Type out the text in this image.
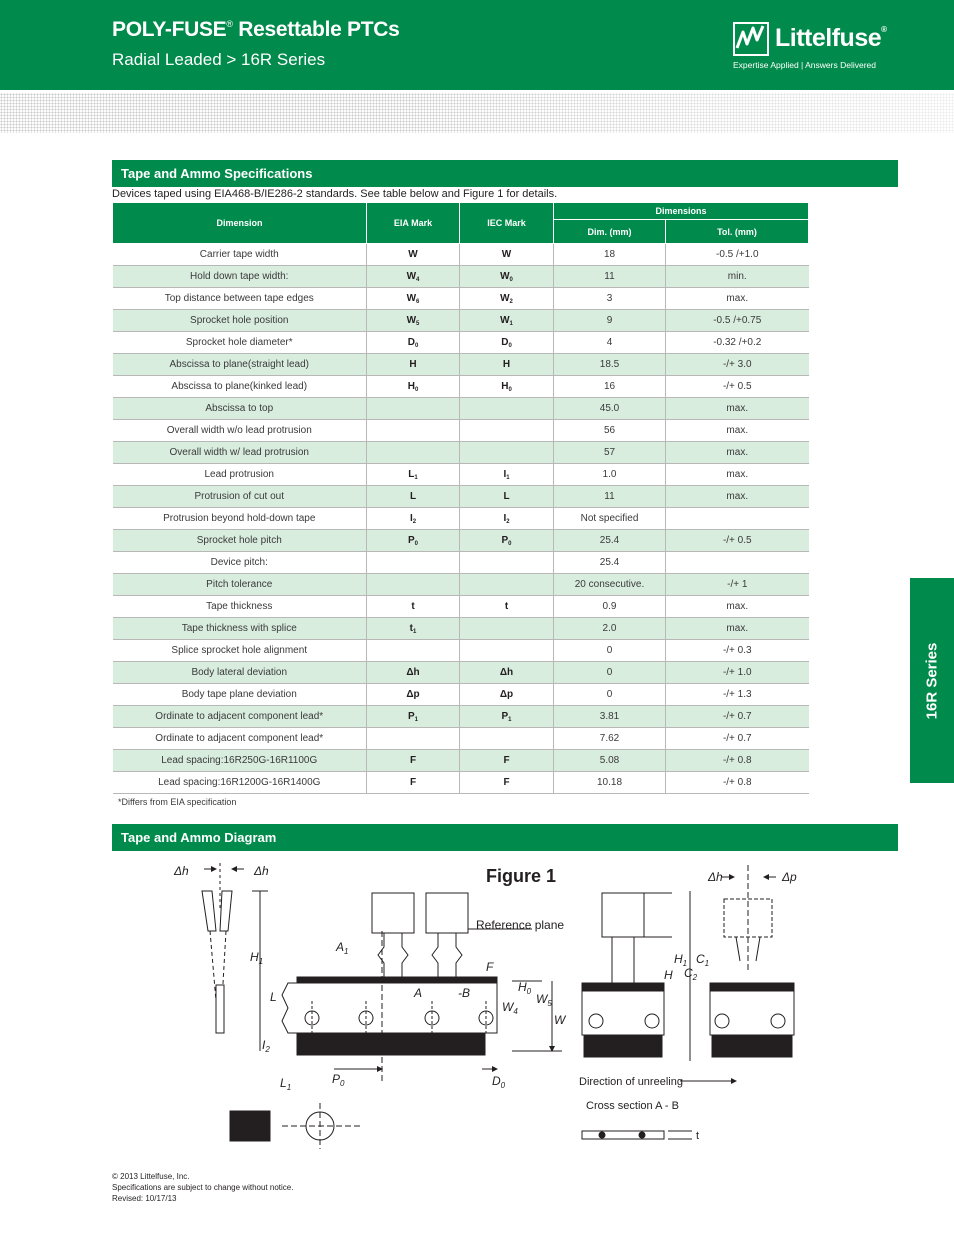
POLY-FUSE® Resettable PTCs
Radial Leaded > 16R Series
Littelfuse®
Expertise Applied | Answers Delivered
Tape and Ammo Specifications
Devices taped using EIA468-B/IE286-2 standards. See table below and Figure 1 for details.
Dimension	EIA Mark	IEC Mark	Dimensions	
			Dim. (mm)	Tol. (mm)
Carrier tape width	W	W	18	-0.5 /+1.0
Hold down tape width:	$W_4$	$W_0$	11	min.
Top distance between tape edges	$W_6$	$W_2$	3	max.
Sprocket hole position	$W_5$	$W_1$	9	-0.5 /+0.75
Sprocket hole diameter*	$D_0$	$D_0$	4	-0.32 /+0.2
Abscissa to plane(straight lead)	H	H	18.5	-/+ 3.0
Abscissa to plane(kinked lead)	$H_0$	$H_0$	16	-/+ 0.5
Abscissa to top			45.0	max.
Overall width w/o lead protrusion			56	max.
Overall width w/ lead protrusion			57	max.
Lead protrusion	$L_1$	$I_1$	1.0	max.
Protrusion of cut out	L	L	11	max.
Protrusion beyond hold-down tape	$I_2$	$I_2$	Not specified	
Sprocket hole pitch	$P_0$	$P_0$	25.4	-/+ 0.5
Device pitch:			25.4	
Pitch tolerance			20 consecutive.	-/+ 1
Tape thickness	t	t	0.9	max.
Tape thickness with splice	$t_1$		2.0	max.
Splice sprocket hole alignment			0	-/+ 0.3
Body lateral deviation	Δh	Δh	0	-/+ 1.0
Body tape plane deviation	Δp	Δp	0	-/+ 1.3
Ordinate to adjacent component lead*	$P_1$	$P_1$	3.81	-/+ 0.7
Ordinate to adjacent component lead*			7.62	-/+ 0.7
Lead spacing:16R250G-16R1100G	F	F	5.08	-/+ 0.8
Lead spacing:16R1200G-16R1400G	F	F	10.18	-/+ 0.8
*Differs from EIA specification
16R Series
Tape and Ammo Diagram
Figure 1
Δh	Δh
Reference plane
$A_1$
$H_1$
L
$I_2$
$L_1$
$P_0$
F
A	-B	$H_0$
$W_4$
$W_5$
W
$D_0$
Δh	Δp
$H_1$ $C_1$
H $C_2$
Direction of unreeling
Cross section A - B
t
© 2013 Littelfuse, Inc.
Specifications are subject to change without notice.
Revised: 10/17/13
